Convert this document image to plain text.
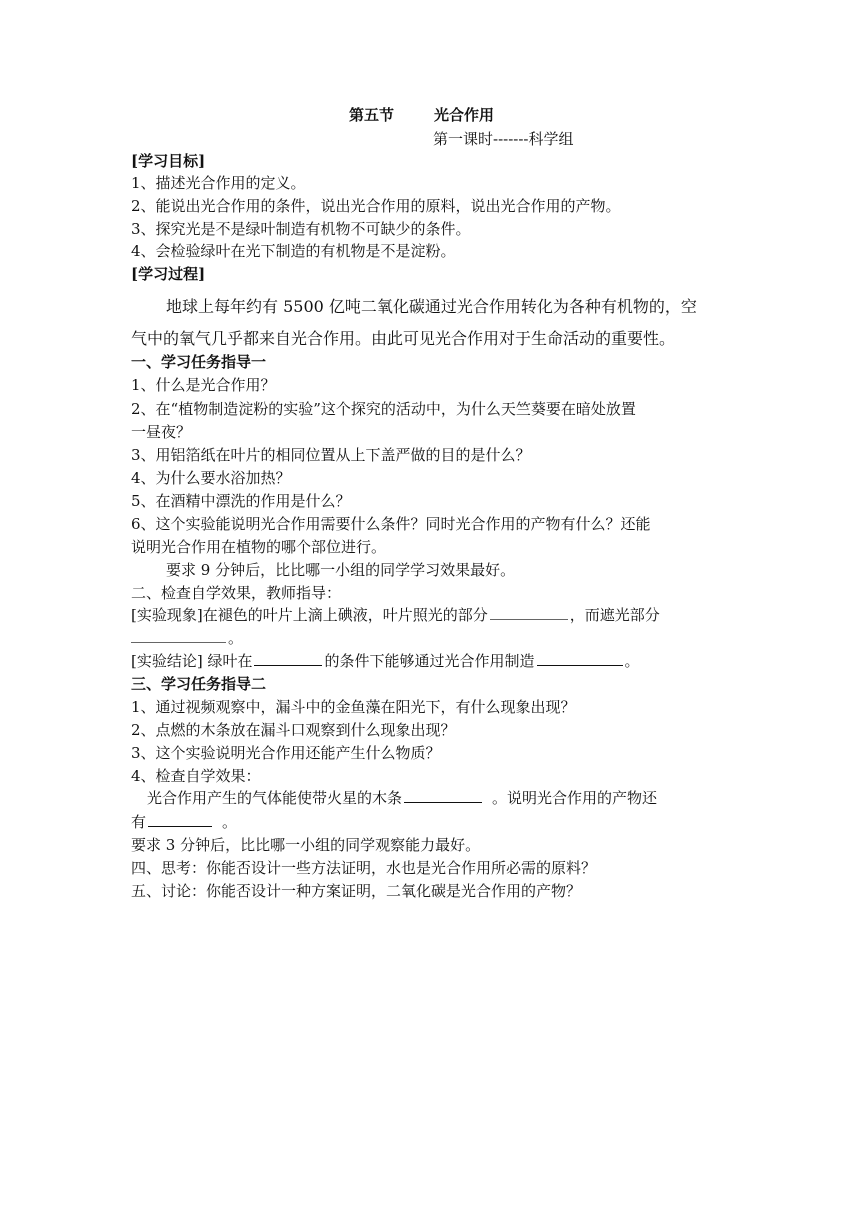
第五节	光合作用
第一课时-------科学组
[学习目标]
1、描述光合作用的定义。
2、能说出光合作用的条件，说出光合作用的原料，说出光合作用的产物。
3、探究光是不是绿叶制造有机物不可缺少的条件。
4、会检验绿叶在光下制造的有机物是不是淀粉。
[学习过程]
地球上每年约有 5500 亿吨二氧化碳通过光合作用转化为各种有机物的，空
气中的氧气几乎都来自光合作用。由此可见光合作用对于生命活动的重要性。
一、学习任务指导一
1、什么是光合作用？
2、在“植物制造淀粉的实验”这个探究的活动中，为什么天竺葵要在暗处放置
一昼夜？
3、用铝箔纸在叶片的相同位置从上下盖严做的目的是什么？
4、为什么要水浴加热？
5、在酒精中漂洗的作用是什么？
6、这个实验能说明光合作用需要什么条件？同时光合作用的产物有什么？还能
说明光合作用在植物的哪个部位进行。
要求 9 分钟后，比比哪一小组的同学学习效果最好。
二、检查自学效果，教师指导：
[实验现象]在褪色的叶片上滴上碘液，叶片照光的部分	，而遮光部分
。
[实验结论] 绿叶在	的条件下能够通过光合作用制造	。
三、学习任务指导二
1、通过视频观察中，漏斗中的金鱼藻在阳光下，有什么现象出现？
2、点燃的木条放在漏斗口观察到什么现象出现？
3、这个实验说明光合作用还能产生什么物质？
4、检查自学效果：
光合作用产生的气体能使带火星的木条	。说明光合作用的产物还
有	。
要求 3 分钟后，比比哪一小组的同学观察能力最好。
四、思考：你能否设计一些方法证明，水也是光合作用所必需的原料？
五、讨论：你能否设计一种方案证明，二氧化碳是光合作用的产物？
